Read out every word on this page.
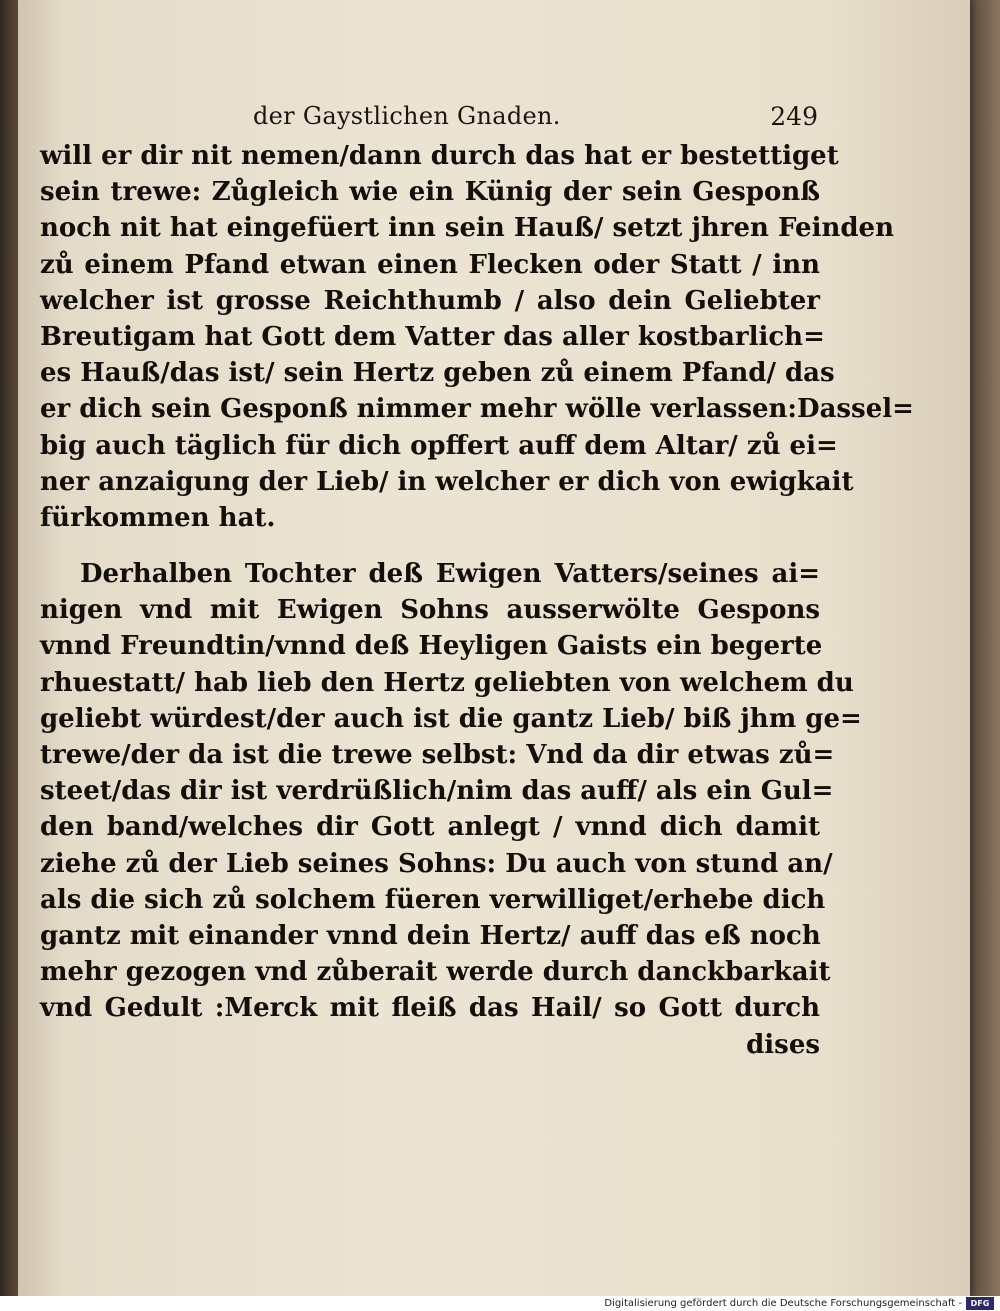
der Gaystlichen Gnaden.	249
will er dir nit nemen/dann durch das hat er bestettiget
sein trewe: Zůgleich wie ein Künig der sein Gesponß
noch nit hat eingefüert inn sein Hauß/ setzt jhren Feinden
zů einem Pfand etwan einen Flecken oder Statt / inn
welcher ist grosse Reichthumb / also dein Geliebter
Breutigam hat Gott dem Vatter das aller kostbarlich=
es Hauß/das ist/ sein Hertz geben zů einem Pfand/ das
er dich sein Gesponß nimmer mehr wölle verlassen:Dassel=
big auch täglich für dich opffert auff dem Altar/ zů ei=
ner anzaigung der Lieb/ in welcher er dich von ewigkait
fürkommen hat.
Derhalben Tochter deß Ewigen Vatters/seines ai=
nigen vnd mit Ewigen Sohns ausserwölte Gespons
vnnd Freundtin/vnnd deß Heyligen Gaists ein begerte
rhuestatt/ hab lieb den Hertz geliebten von welchem du
geliebt würdest/der auch ist die gantz Lieb/ biß jhm ge=
trewe/der da ist die trewe selbst: Vnd da dir etwas zů=
steet/das dir ist verdrüßlich/nim das auff/ als ein Gul=
den band/welches dir Gott anlegt / vnnd dich damit
ziehe zů der Lieb seines Sohns: Du auch von stund an/
als die sich zů solchem füeren verwilliget/erhebe dich
gantz mit einander vnnd dein Hertz/ auff das eß noch
mehr gezogen vnd zůberait werde durch danckbarkait
vnd Gedult :Merck mit fleiß das Hail/ so Gott durch
dises
Digitalisierung gefördert durch die Deutsche Forschungsgemeinschaft -	DFG
